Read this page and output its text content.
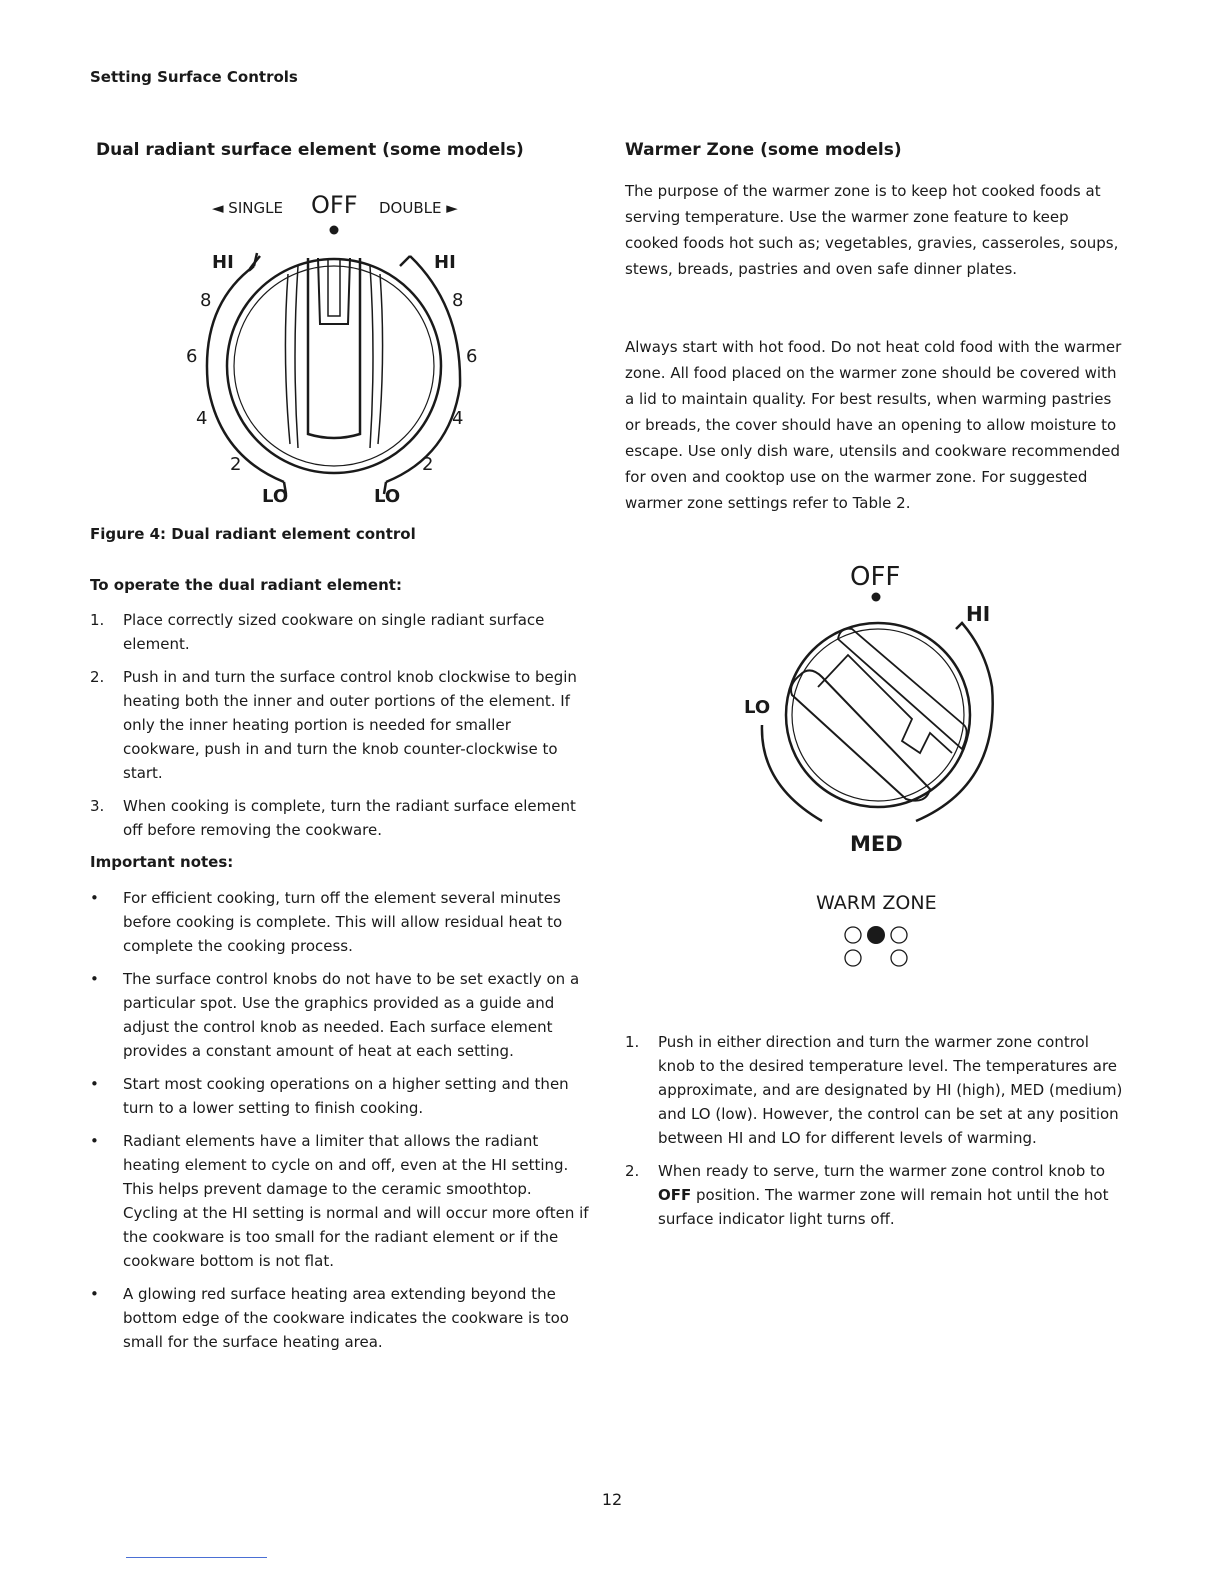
Setting Surface Controls
Dual radiant surface element (some models)
◄ SINGLE OFF DOUBLE ►
HI
8
6
4
2
LO
HI
8
6
4
2
LO
Figure 4: Dual radiant element control
To operate the dual radiant element:
1. Place correctly sized cookware on single radiant surface element.
2. Push in and turn the surface control knob clockwise to begin heating both the inner and outer portions of the element. If only the inner heating portion is needed for smaller cookware, push in and turn the knob counter-clockwise to start.
3. When cooking is complete, turn the radiant surface element off before removing the cookware.
Important notes:
• For efficient cooking, turn off the element several minutes before cooking is complete. This will allow residual heat to complete the cooking process.
• The surface control knobs do not have to be set exactly on a particular spot. Use the graphics provided as a guide and adjust the control knob as needed. Each surface element provides a constant amount of heat at each setting.
• Start most cooking operations on a higher setting and then turn to a lower setting to finish cooking.
• Radiant elements have a limiter that allows the radiant heating element to cycle on and off, even at the HI setting. This helps prevent damage to the ceramic smoothtop. Cycling at the HI setting is normal and will occur more often if the cookware is too small for the radiant element or if the cookware bottom is not flat.
• A glowing red surface heating area extending beyond the bottom edge of the cookware indicates the cookware is too small for the surface heating area.
Warmer Zone (some models)
The purpose of the warmer zone is to keep hot cooked foods at serving temperature. Use the warmer zone feature to keep cooked foods hot such as; vegetables, gravies, casseroles, soups, stews, breads, pastries and oven safe dinner plates.
Always start with hot food. Do not heat cold food with the warmer zone. All food placed on the warmer zone should be covered with a lid to maintain quality. For best results, when warming pastries or breads, the cover should have an opening to allow moisture to escape. Use only dish ware, utensils and cookware recommended for oven and cooktop use on the warmer zone. For suggested warmer zone settings refer to Table 2.
OFF
HI
LO
MED
WARM ZONE
1. Push in either direction and turn the warmer zone control knob to the desired temperature level. The temperatures are approximate, and are designated by HI (high), MED (medium) and LO (low). However, the control can be set at any position between HI and LO for different levels of warming.
2. When ready to serve, turn the warmer zone control knob to OFF position. The warmer zone will remain hot until the hot surface indicator light turns off.
12
